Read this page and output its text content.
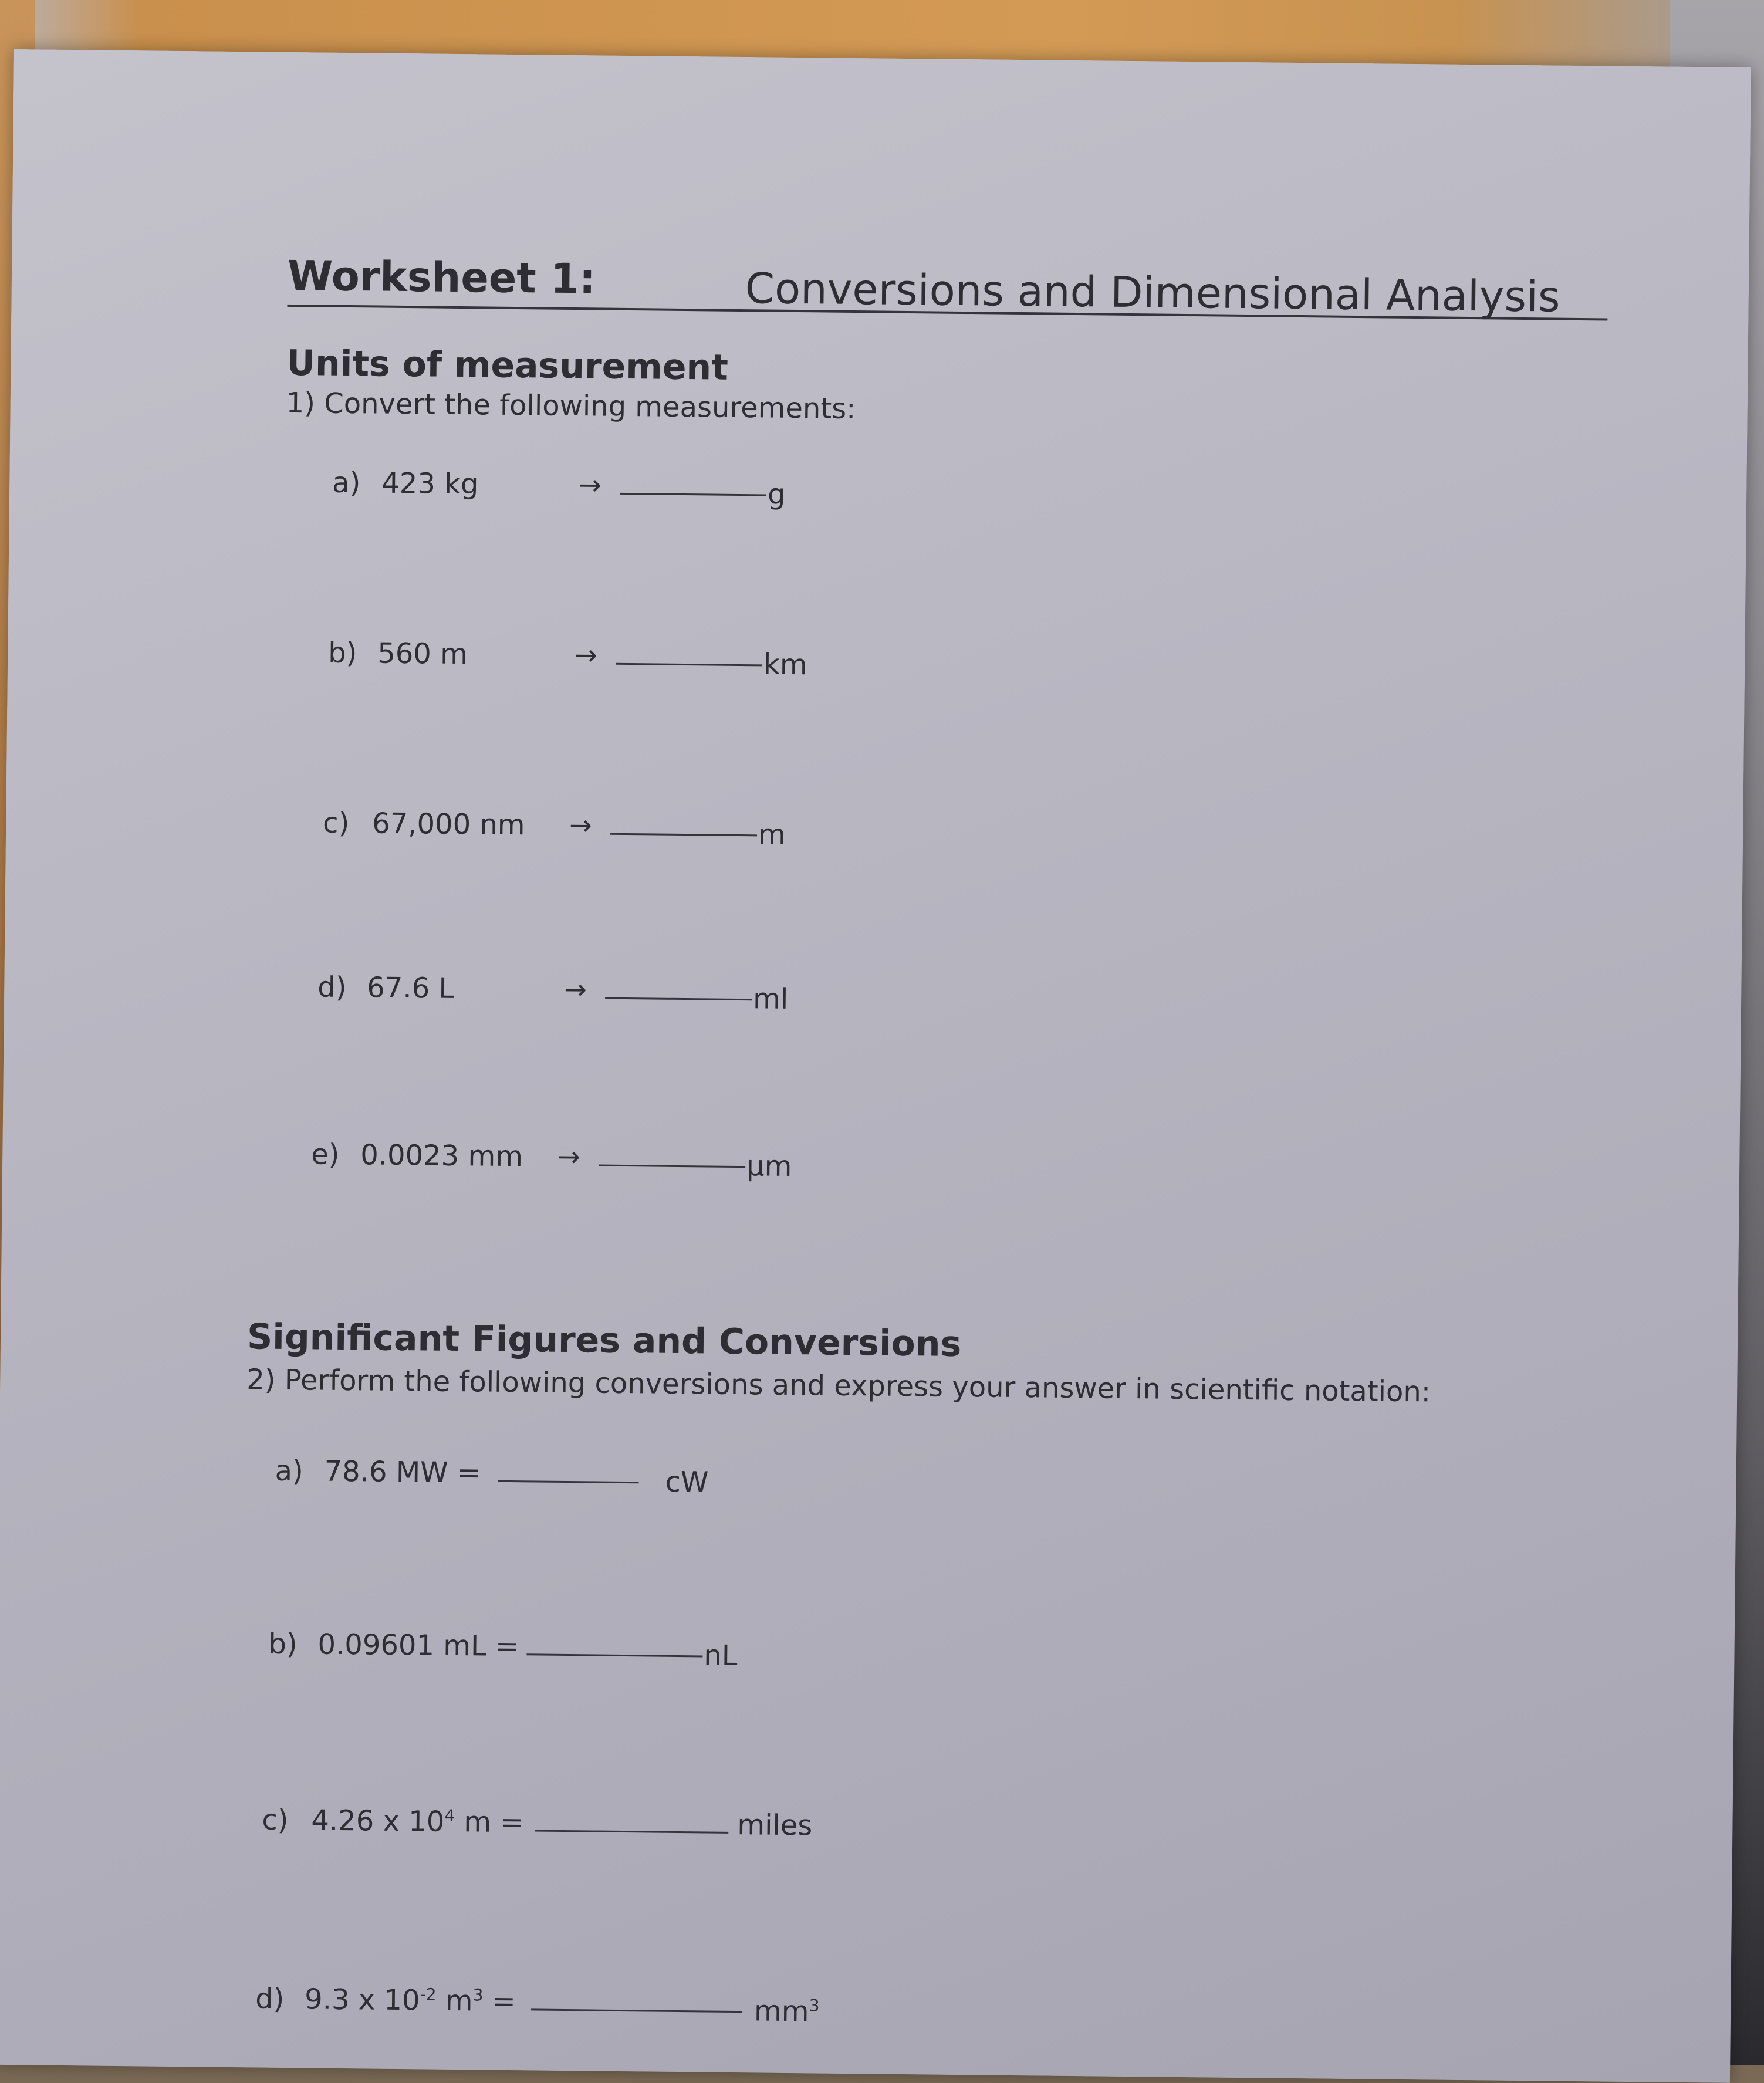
Worksheet 1:	Conversions and Dimensional Analysis
Units of measurement
1) Convert the following measurements:
a) 423 kg	→	g
b) 560 m	→	km
c) 67,000 nm →	m
d) 67.6 L	→	ml
e) 0.0023 mm →	µm
Significant Figures and Conversions
2) Perform the following conversions and express your answer in scientific notation:
a) 78.6 MW =	cW
b) 0.09601 mL =	nL
c) 4.26 x $10^4$ m =	miles
d) 9.3 x $10^{-2}$ $m^3$ =	$mm^3$
